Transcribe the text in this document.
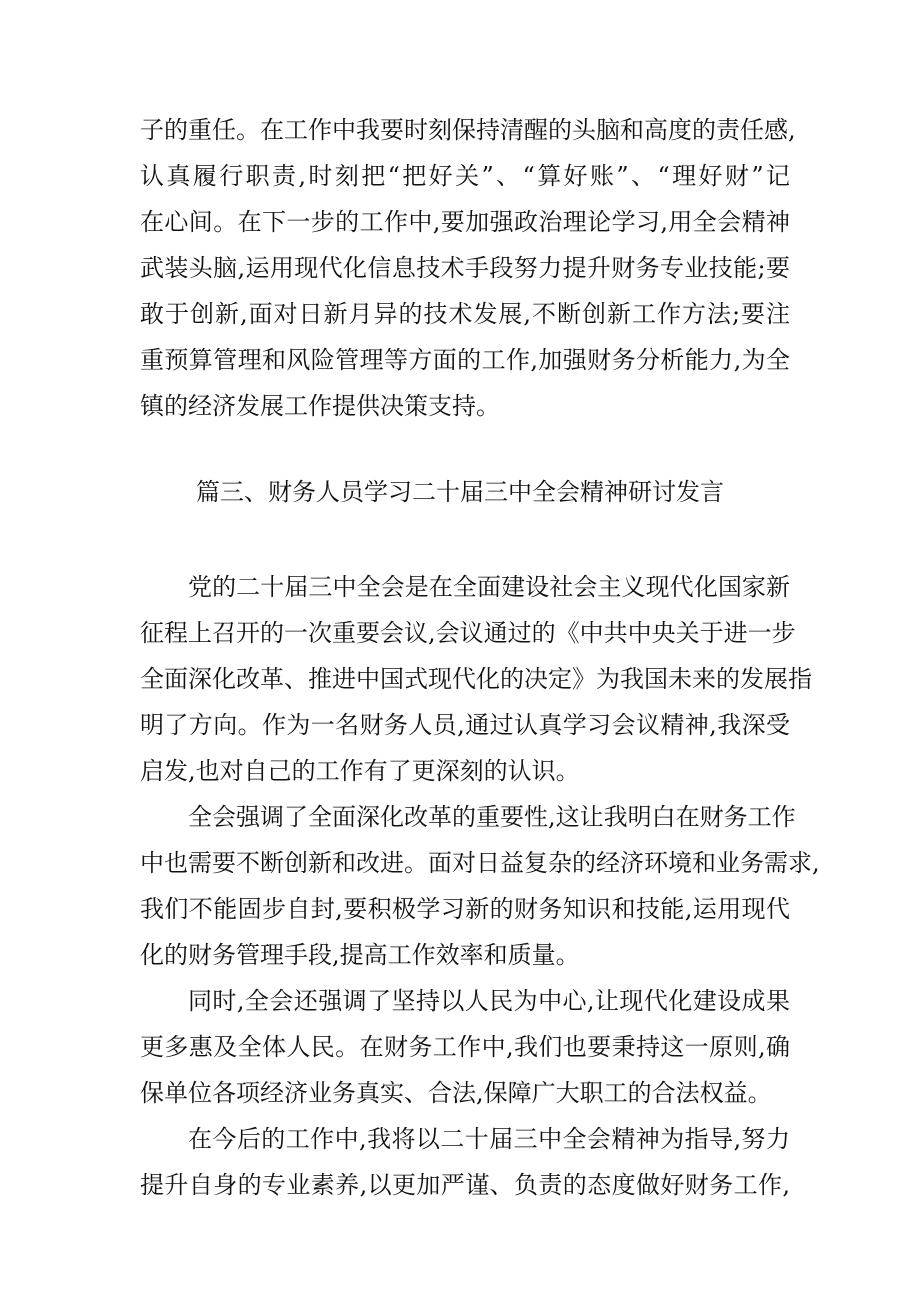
子的重任。在工作中我要时刻保持清醒的头脑和高度的责任感,
认真履行职责,时刻把“把好关”、“算好账”、“理好财”记
在心间。在下一步的工作中,要加强政治理论学习,用全会精神
武装头脑,运用现代化信息技术手段努力提升财务专业技能;要
敢于创新,面对日新月异的技术发展,不断创新工作方法;要注
重预算管理和风险管理等方面的工作,加强财务分析能力,为全
镇的经济发展工作提供决策支持。
篇三、财务人员学习二十届三中全会精神研讨发言
党的二十届三中全会是在全面建设社会主义现代化国家新
征程上召开的一次重要会议,会议通过的《中共中央关于进一步
全面深化改革、推进中国式现代化的决定》为我国未来的发展指
明了方向。作为一名财务人员,通过认真学习会议精神,我深受
启发,也对自己的工作有了更深刻的认识。
全会强调了全面深化改革的重要性,这让我明白在财务工作
中也需要不断创新和改进。面对日益复杂的经济环境和业务需求,
我们不能固步自封,要积极学习新的财务知识和技能,运用现代
化的财务管理手段,提高工作效率和质量。
同时,全会还强调了坚持以人民为中心,让现代化建设成果
更多惠及全体人民。在财务工作中,我们也要秉持这一原则,确
保单位各项经济业务真实、合法,保障广大职工的合法权益。
在今后的工作中,我将以二十届三中全会精神为指导,努力
提升自身的专业素养,以更加严谨、负责的态度做好财务工作,
